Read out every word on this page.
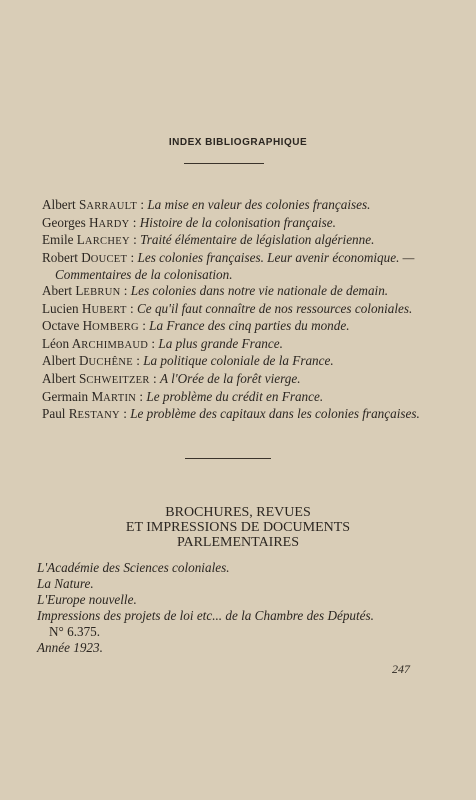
INDEX BIBLIOGRAPHIQUE

Albert SARRAULT : La mise en valeur des colonies françaises.

Georges HARDY : Histoire de la colonisation française.

Emile LARCHEY : Traité élémentaire de législation algérienne.

Robert DOUCET : Les colonies françaises. Leur avenir économique. — Commentaires de la colonisation.

Abert LEBRUN : Les colonies dans notre vie nationale de demain.

Lucien HUBERT : Ce qu'il faut connaître de nos ressources coloniales.

Octave HOMBERG : La France des cinq parties du monde.

Léon ARCHIMBAUD : La plus grande France.

Albert DUCHÊNE : La politique coloniale de la France.

Albert SCHWEITZER : A l'Orée de la forêt vierge.

Germain MARTIN : Le problème du crédit en France.

Paul RESTANY : Le problème des capitaux dans les colonies françaises.

BROCHURES, REVUES
ET IMPRESSIONS DE DOCUMENTS
PARLEMENTAIRES

L'Académie des Sciences coloniales.

La Nature.

L'Europe nouvelle.

Impressions des projets de loi etc... de la Chambre des Députés.

N° 6.375.

Année 1923.

247
